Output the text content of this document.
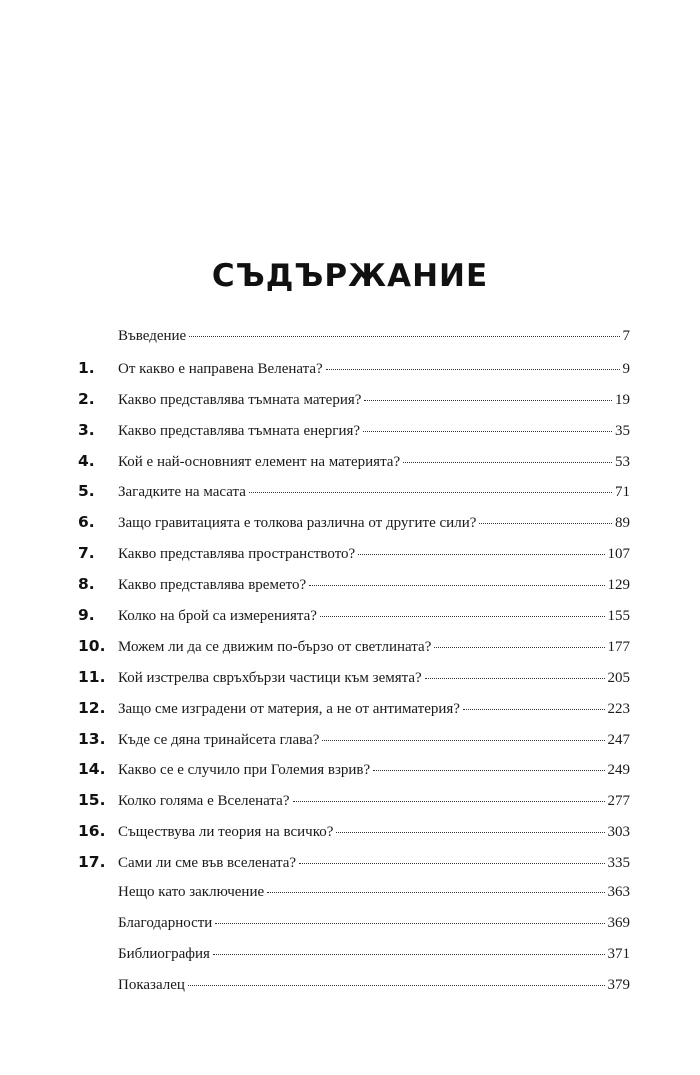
СЪДЪРЖАНИЕ
Въведение	7
1.	От какво е направена Велената?	9
2.	Какво представлява тъмната материя?	19
3.	Какво представлява тъмната енергия?	35
4.	Кой е най-основният елемент на материята?	53
5.	Загадките на масата	71
6.	Защо гравитацията е толкова различна от другите сили?	89
7.	Какво представлява пространството?	107
8.	Какво представлява времето?	129
9.	Колко на брой са измеренията?	155
10. Можем ли да се движим по-бързо от светлината?	177
11. Кой изстрелва свръхбързи частици към земята?	205
12. Защо сме изградени от материя, а не от антиматерия?	223
13. Къде се дяна тринайсета глава?	247
14. Какво се е случило при Големия взрив?	249
15. Колко голяма е Вселената?	277
16. Съществува ли теория на всичко?	303
17. Сами ли сме във вселената?	335
Нещо като заключение	363
Благодарности	369
Библиография	371
Показалец	379
